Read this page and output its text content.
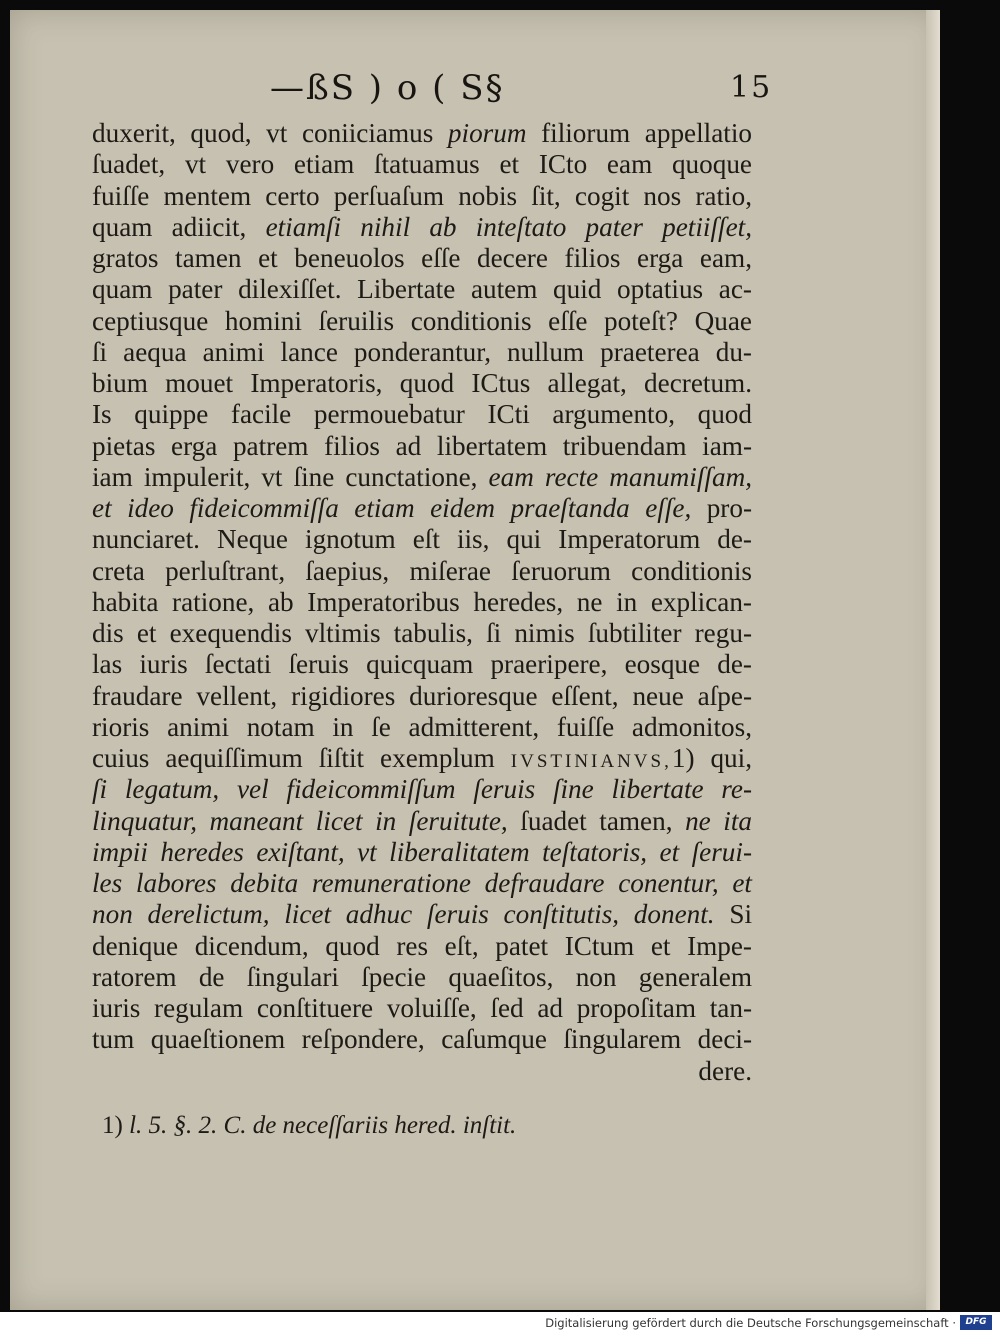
—ßS ) o ( S§	15
duxerit, quod, vt coniiciamus piorum filiorum appellatio
ſuadet, vt vero etiam ſtatuamus et ICto eam quoque
fuiſſe mentem certo perſuaſum nobis ſit, cogit nos ratio,
quam adiicit, etiamſi nihil ab inteſtato pater petiiſſet,
gratos tamen et beneuolos eſſe decere filios erga eam,
quam pater dilexiſſet. Libertate autem quid optatius ac-
ceptiusque homini ſeruilis conditionis eſſe poteſt? Quae
ſi aequa animi lance ponderantur, nullum praeterea du-
bium mouet Imperatoris, quod ICtus allegat, decretum.
Is quippe facile permouebatur ICti argumento, quod
pietas erga patrem filios ad libertatem tribuendam iam-
iam impulerit, vt ſine cunctatione, eam recte manumiſſam,
et ideo fideicommiſſa etiam eidem praeſtanda eſſe, pro-
nunciaret. Neque ignotum eſt iis, qui Imperatorum de-
creta perluſtrant, ſaepius, miſerae ſeruorum conditionis
habita ratione, ab Imperatoribus heredes, ne in explican-
dis et exequendis vltimis tabulis, ſi nimis ſubtiliter regu-
las iuris ſectati ſeruis quicquam praeripere, eosque de-
fraudare vellent, rigidiores durioresque eſſent, neue aſpe-
rioris animi notam in ſe admitterent, fuiſſe admonitos,
cuius aequiſſimum ſiſtit exemplum IVSTINIANVS,1) qui,
ſi legatum, vel fideicommiſſum ſeruis ſine libertate re-
linquatur, maneant licet in ſeruitute, ſuadet tamen, ne ita
impii heredes exiſtant, vt liberalitatem teſtatoris, et ſerui-
les labores debita remuneratione defraudare conentur, et
non derelictum, licet adhuc ſeruis conſtitutis, donent. Si
denique dicendum, quod res eſt, patet ICtum et Impe-
ratorem de ſingulari ſpecie quaeſitos, non generalem
iuris regulam conſtituere voluiſſe, ſed ad propoſitam tan-
tum quaeſtionem reſpondere, caſumque ſingularem deci-
dere.
1) l. 5. §. 2. C. de neceſſariis hered. inſtit.
Digitalisierung gefördert durch die Deutsche Forschungsgemeinschaft ·	DFG
